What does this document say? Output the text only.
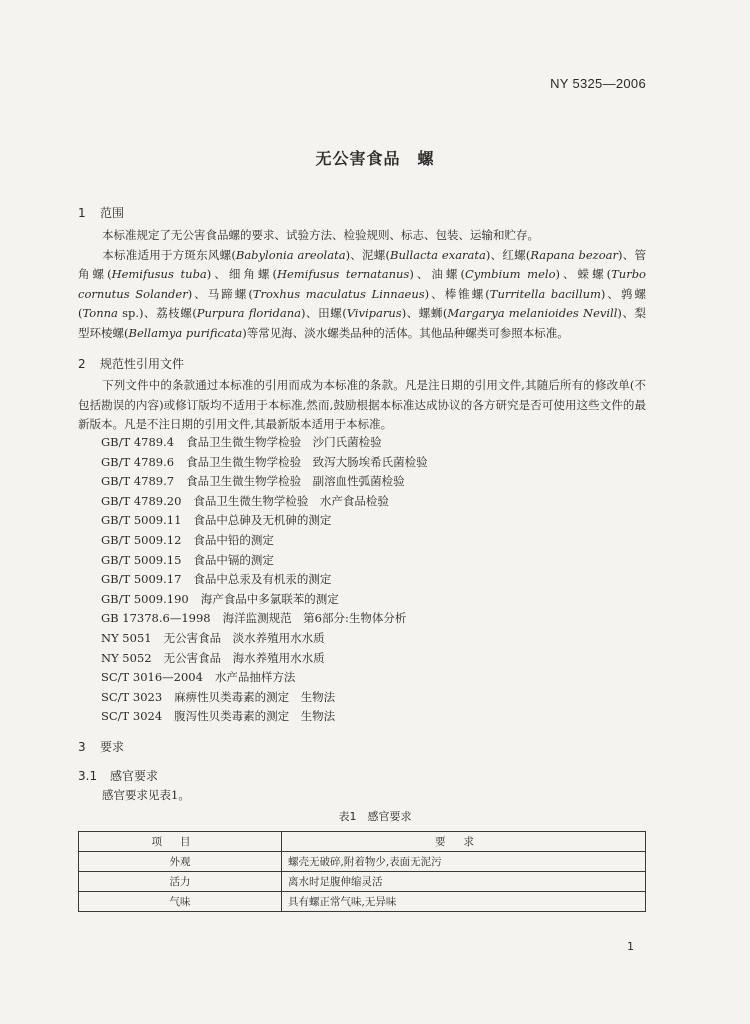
NY 5325—2006
无公害食品　螺
1 范围
本标准规定了无公害食品螺的要求、试验方法、检验规则、标志、包装、运输和贮存。
本标准适用于方斑东风螺(Babylonia areolata)、泥螺(Bullacta exarata)、红螺(Rapana bezoar)、管角螺(Hemifusus tuba)、细角螺(Hemifusus ternatanus)、油螺(Cymbium melo)、蝾螺(Turbo cornutus Solander)、马蹄螺(Troxhus maculatus Linnaeus)、棒锥螺(Turritella bacillum)、鹑螺(Tonna sp.)、荔枝螺(Purpura floridana)、田螺(Viviparus)、螺蛳(Margarya melanioides Nevill)、梨型环棱螺(Bellamya purificata)等常见海、淡水螺类品种的活体。其他品种螺类可参照本标准。
2 规范性引用文件
下列文件中的条款通过本标准的引用而成为本标准的条款。凡是注日期的引用文件,其随后所有的修改单(不包括勘误的内容)或修订版均不适用于本标准,然而,鼓励根据本标准达成协议的各方研究是否可使用这些文件的最新版本。凡是不注日期的引用文件,其最新版本适用于本标准。
GB/T 4789.4 食品卫生微生物学检验　沙门氏菌检验
GB/T 4789.6 食品卫生微生物学检验　致泻大肠埃希氏菌检验
GB/T 4789.7 食品卫生微生物学检验　副溶血性弧菌检验
GB/T 4789.20 食品卫生微生物学检验　水产食品检验
GB/T 5009.11 食品中总砷及无机砷的测定
GB/T 5009.12 食品中铅的测定
GB/T 5009.15 食品中镉的测定
GB/T 5009.17 食品中总汞及有机汞的测定
GB/T 5009.190 海产食品中多氯联苯的测定
GB 17378.6—1998 海洋监测规范　第6部分:生物体分析
NY 5051 无公害食品　淡水养殖用水水质
NY 5052 无公害食品　海水养殖用水水质
SC/T 3016—2004 水产品抽样方法
SC/T 3023 麻痹性贝类毒素的测定　生物法
SC/T 3024 腹泻性贝类毒素的测定　生物法
3 要求
3.1 感官要求
感官要求见表1。
表1　感官要求
项目	要求
外观	螺壳无破碎,附着物少,表面无泥污
活力	离水时足腹伸缩灵活
气味	具有螺正常气味,无异味
1
